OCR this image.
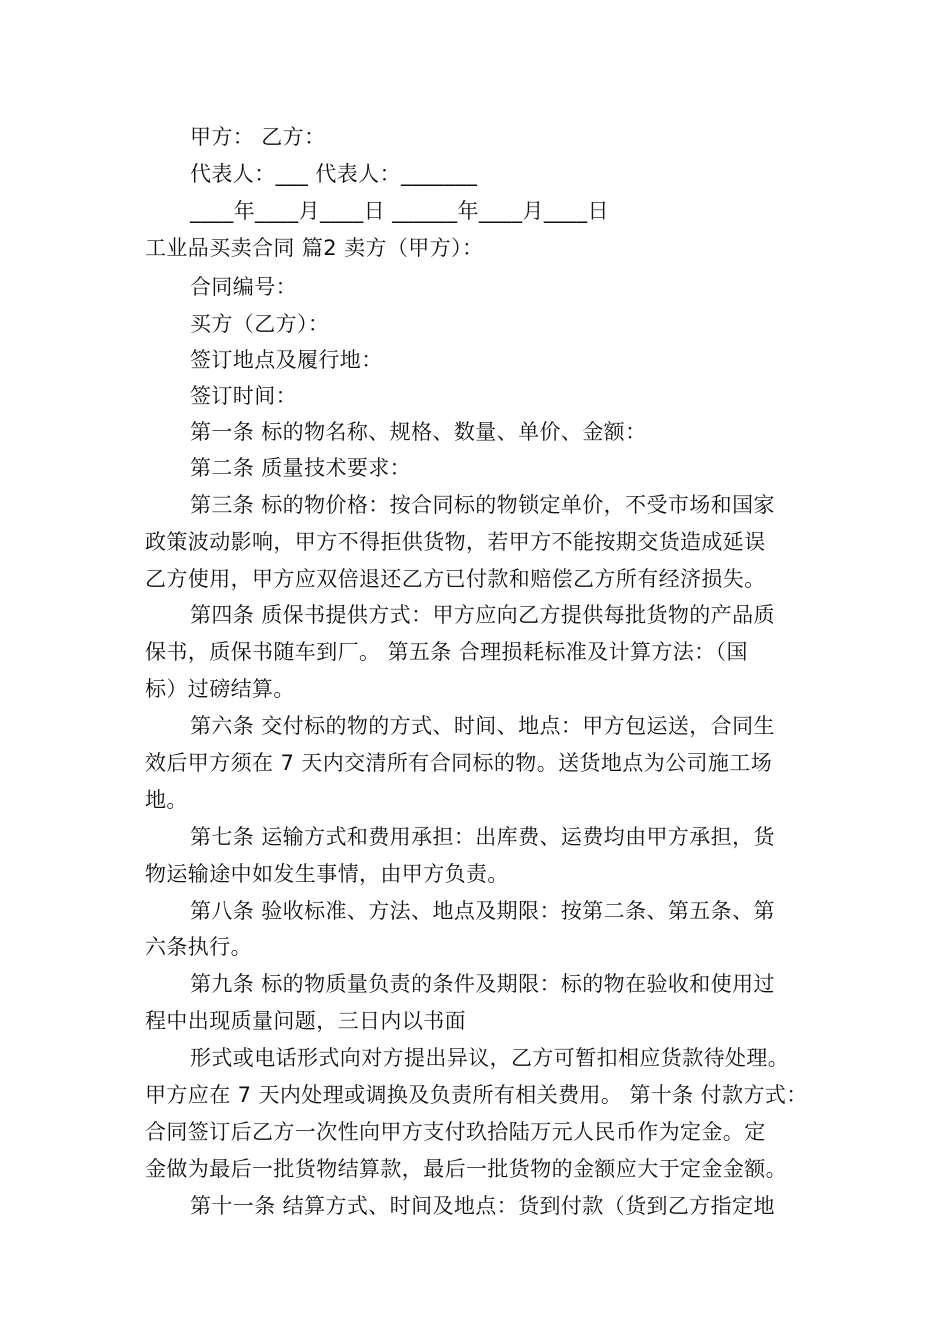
甲方： 乙方：
代表人：___ 代表人：_______
____年____月____日 ______年____月____日
工业品买卖合同 篇2 卖方（甲方）：
合同编号：
买方（乙方）：
签订地点及履行地：
签订时间：
第一条 标的物名称、规格、数量、单价、金额：
第二条 质量技术要求：
第三条 标的物价格：按合同标的物锁定单价，不受市场和国家
政策波动影响，甲方不得拒供货物，若甲方不能按期交货造成延误
乙方使用，甲方应双倍退还乙方已付款和赔偿乙方所有经济损失。
第四条 质保书提供方式：甲方应向乙方提供每批货物的产品质
保书，质保书随车到厂。 第五条 合理损耗标准及计算方法：（国
标）过磅结算。
第六条 交付标的物的方式、时间、地点：甲方包运送，合同生
效后甲方须在 7 天内交清所有合同标的物。送货地点为公司施工场
地。
第七条 运输方式和费用承担：出库费、运费均由甲方承担，货
物运输途中如发生事情，由甲方负责。
第八条 验收标准、方法、地点及期限：按第二条、第五条、第
六条执行。
第九条 标的物质量负责的条件及期限：标的物在验收和使用过
程中出现质量问题，三日内以书面
形式或电话形式向对方提出异议，乙方可暂扣相应货款待处理。
甲方应在 7 天内处理或调换及负责所有相关费用。 第十条 付款方式：
合同签订后乙方一次性向甲方支付玖拾陆万元人民币作为定金。定
金做为最后一批货物结算款，最后一批货物的金额应大于定金金额。
第十一条 结算方式、时间及地点：货到付款（货到乙方指定地
